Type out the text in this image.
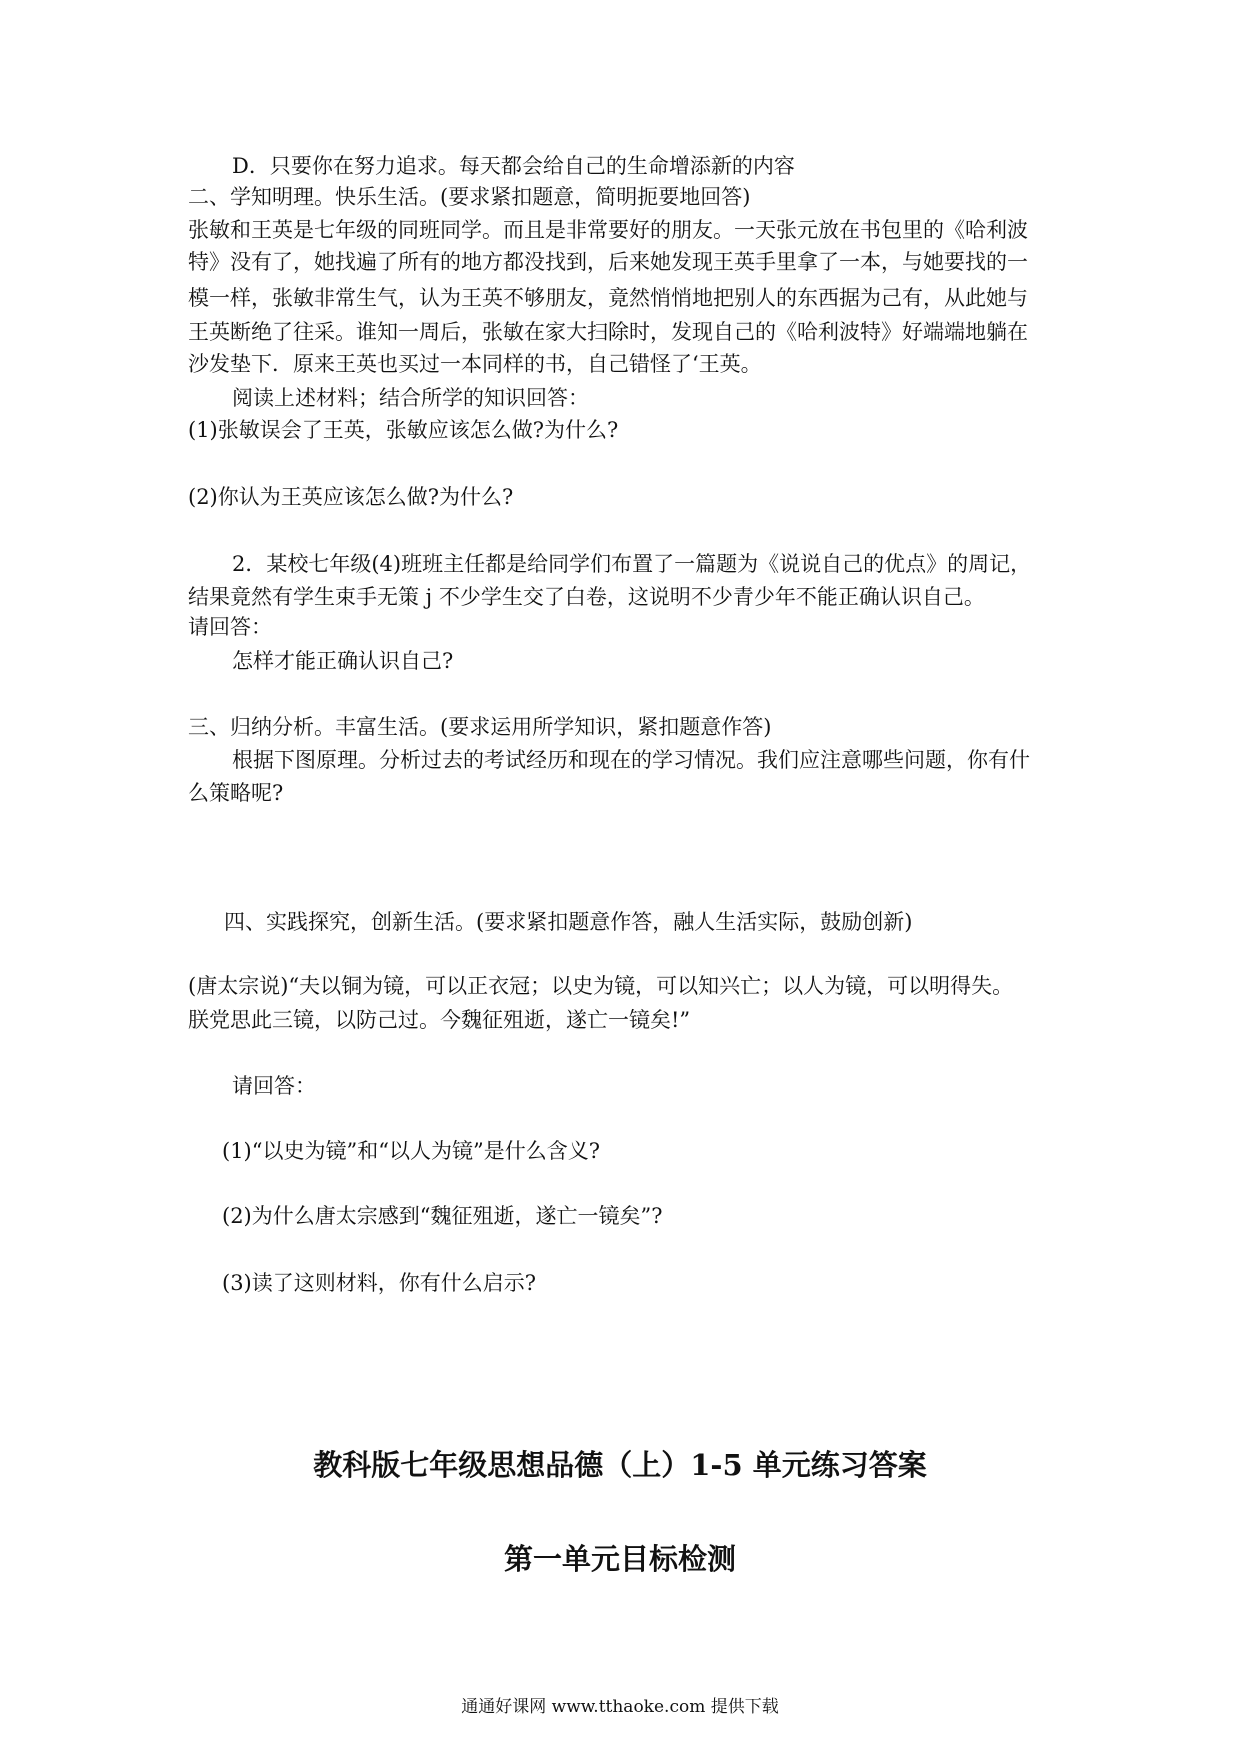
D．只要你在努力追求。每天都会给自己的生命增添新的内容
二、学知明理。快乐生活。(要求紧扣题意，简明扼要地回答)
张敏和王英是七年级的同班同学。而且是非常要好的朋友。一天张元放在书包里的《哈利波
特》没有了，她找遍了所有的地方都没找到，后来她发现王英手里拿了一本，与她要找的一
模一样，张敏非常生气，认为王英不够朋友，竟然悄悄地把别人的东西据为己有，从此她与
王英断绝了往采。谁知一周后，张敏在家大扫除时，发现自己的《哈利波特》好端端地躺在
沙发垫下．原来王英也买过一本同样的书，自己错怪了‘王英。
阅读上述材料；结合所学的知识回答：
(1)张敏误会了王英，张敏应该怎么做?为什么?
(2)你认为王英应该怎么做?为什么?
2．某校七年级(4)班班主任都是给同学们布置了一篇题为《说说自己的优点》的周记，
结果竟然有学生束手无策 j 不少学生交了白卷，这说明不少青少年不能正确认识自己。
请回答：
怎样才能正确认识自己?
三、归纳分析。丰富生活。(要求运用所学知识，紧扣题意作答)
根据下图原理。分析过去的考试经历和现在的学习情况。我们应注意哪些问题，你有什
么策略呢?
四、实践探究，创新生活。(要求紧扣题意作答，融人生活实际，鼓励创新)
(唐太宗说)“夫以铜为镜，可以正衣冠；以史为镜，可以知兴亡；以人为镜，可以明得失。
朕党思此三镜，以防己过。今魏征殂逝，遂亡一镜矣!”
请回答：
(1)“以史为镜”和“以人为镜”是什么含义?
(2)为什么唐太宗感到“魏征殂逝，遂亡一镜矣”?
(3)读了这则材料，你有什么启示?
教科版七年级思想品德（上）1-5 单元练习答案
第一单元目标检测
通通好课网 www.tthaoke.com 提供下载
